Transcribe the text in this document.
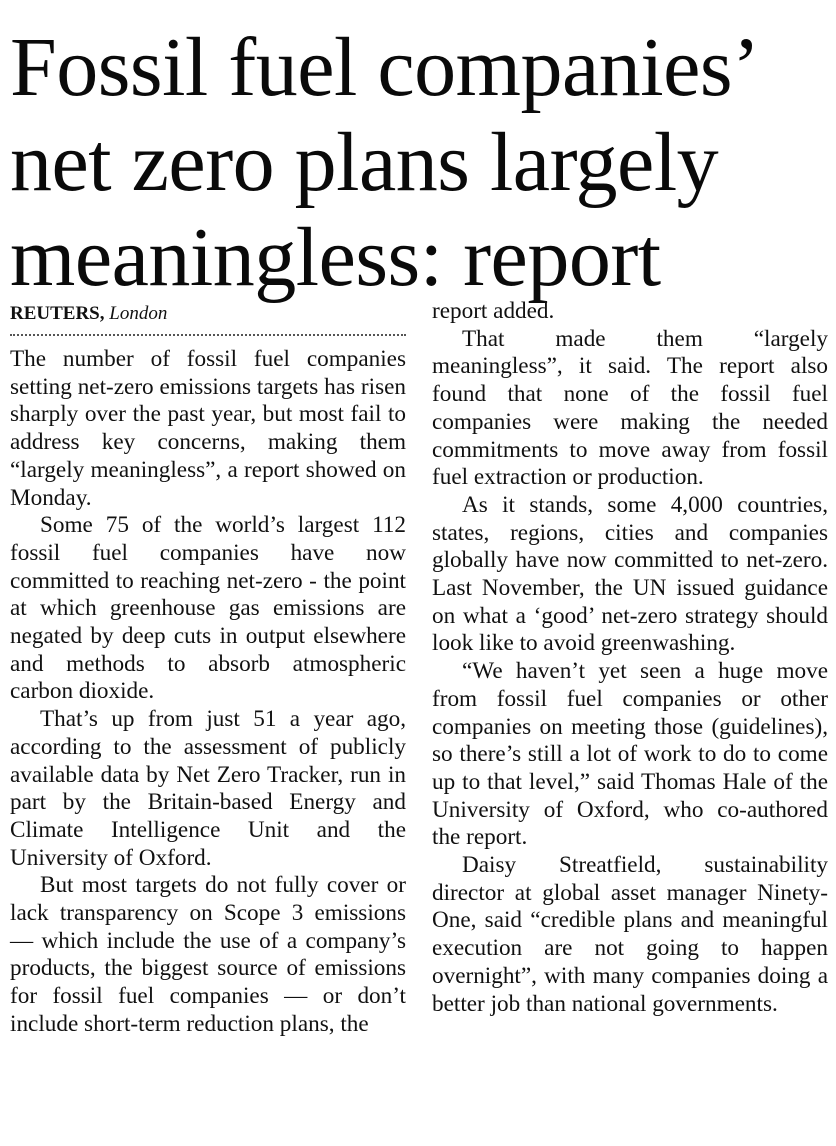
Fossil fuel companies’
net zero plans largely
meaningless: report
REUTERS, London

The number of fossil fuel companies setting net-zero emissions targets has risen sharply over the past year, but most fail to address key concerns, making them “largely meaningless”, a report showed on Monday.

Some 75 of the world’s largest 112 fossil fuel companies have now committed to reaching net-zero - the point at which greenhouse gas emissions are negated by deep cuts in output elsewhere and methods to absorb atmospheric carbon dioxide.

That’s up from just 51 a year ago, according to the assessment of publicly available data by Net Zero Tracker, run in part by the Britain-based Energy and Climate Intelligence Unit and the University of Oxford.

But most targets do not fully cover or lack transparency on Scope 3 emissions — which include the use of a company’s products, the biggest source of emissions for fossil fuel companies — or don’t include short-term reduction plans, the

report added.

That made them “largely meaningless”, it said. The report also found that none of the fossil fuel companies were making the needed commitments to move away from fossil fuel extraction or production.

As it stands, some 4,000 countries, states, regions, cities and companies globally have now committed to net-zero. Last November, the UN issued guidance on what a ‘good’ net-zero strategy should look like to avoid greenwashing.

“We haven’t yet seen a huge move from fossil fuel companies or other companies on meeting those (guidelines), so there’s still a lot of work to do to come up to that level,” said Thomas Hale of the University of Oxford, who co-authored the report.

Daisy Streatfield, sustainability director at global asset manager Ninety-One, said “credible plans and meaningful execution are not going to happen overnight”, with many companies doing a better job than national governments.
